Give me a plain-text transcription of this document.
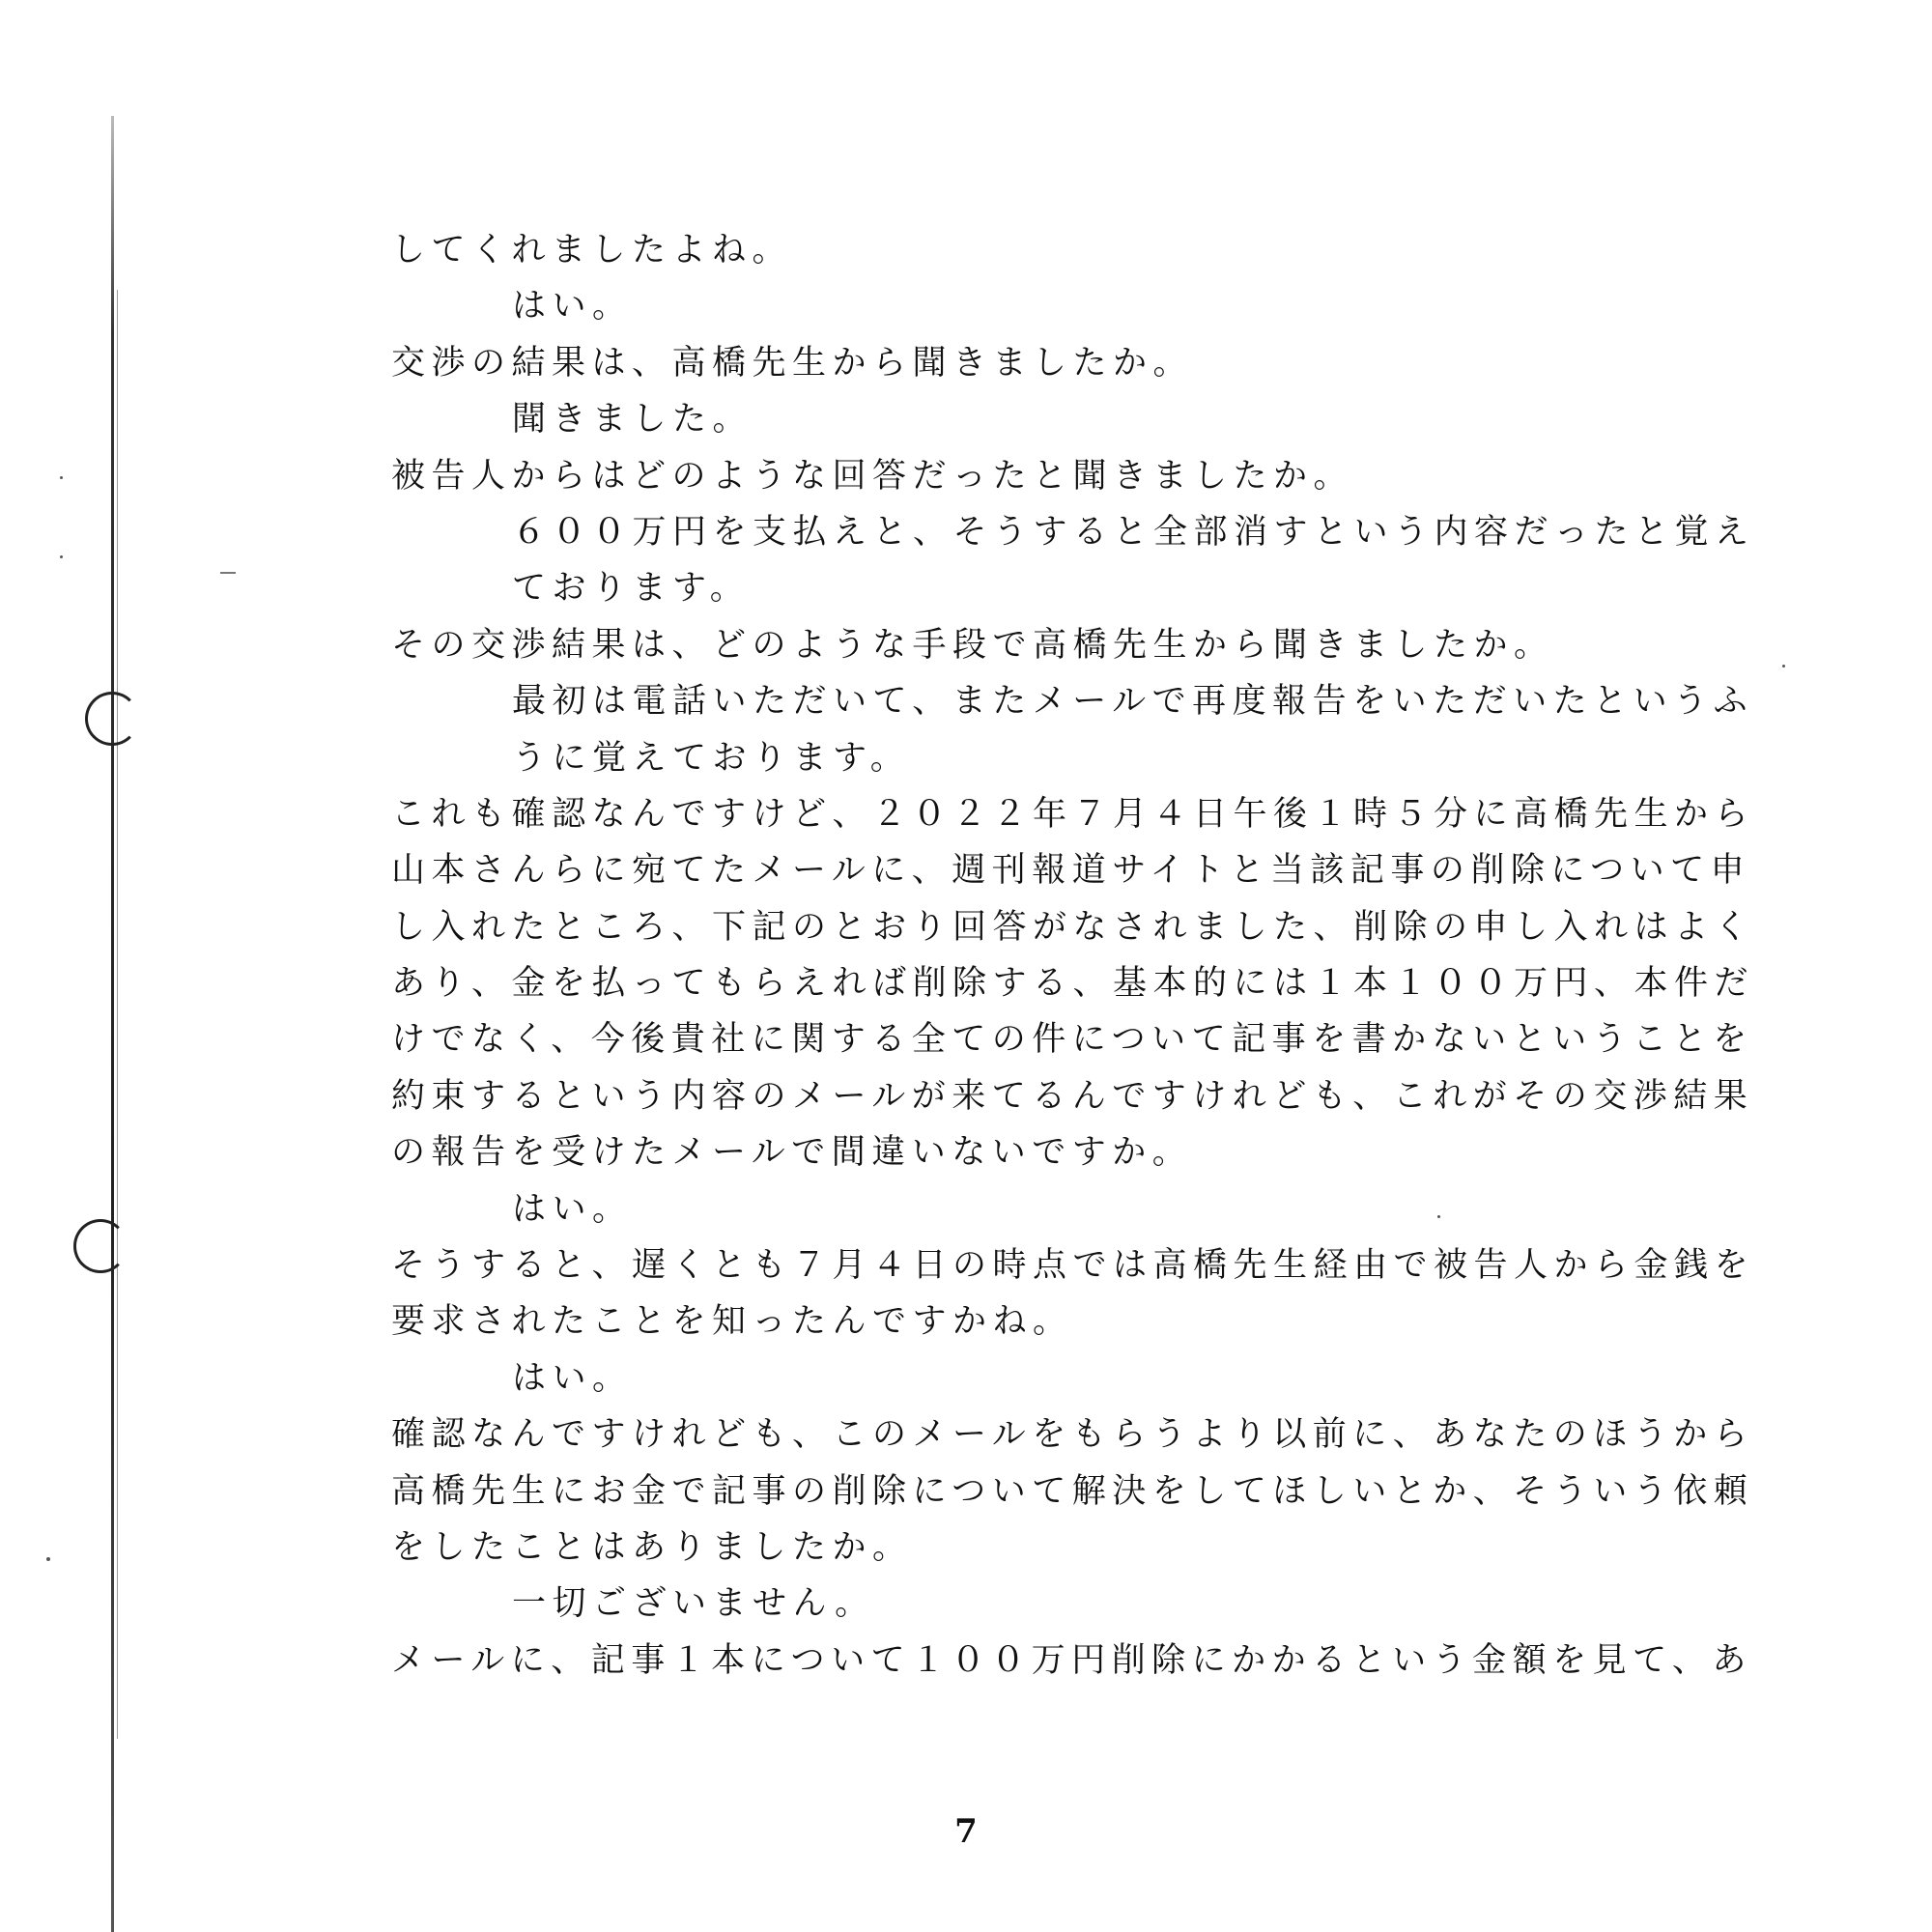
してくれましたよね。
はい。
交渉の結果は、高橋先生から聞きましたか。
聞きました。
被告人からはどのような回答だったと聞きましたか。
６００万円を支払えと、そうすると全部消すという内容だったと覚え
ております。
その交渉結果は、どのような手段で高橋先生から聞きましたか。
最初は電話いただいて、またメールで再度報告をいただいたというふ
うに覚えております。
これも確認なんですけど、２０２２年７月４日午後１時５分に高橋先生から
山本さんらに宛てたメールに、週刊報道サイトと当該記事の削除について申
し入れたところ、下記のとおり回答がなされました、削除の申し入れはよく
あり、金を払ってもらえれば削除する、基本的には１本１００万円、本件だ
けでなく、今後貴社に関する全ての件について記事を書かないということを
約束するという内容のメールが来てるんですけれども、これがその交渉結果
の報告を受けたメールで間違いないですか。
はい。
そうすると、遅くとも７月４日の時点では高橋先生経由で被告人から金銭を
要求されたことを知ったんですかね。
はい。
確認なんですけれども、このメールをもらうより以前に、あなたのほうから
高橋先生にお金で記事の削除について解決をしてほしいとか、そういう依頼
をしたことはありましたか。
一切ございません。
メールに、記事１本について１００万円削除にかかるという金額を見て、あ
7
